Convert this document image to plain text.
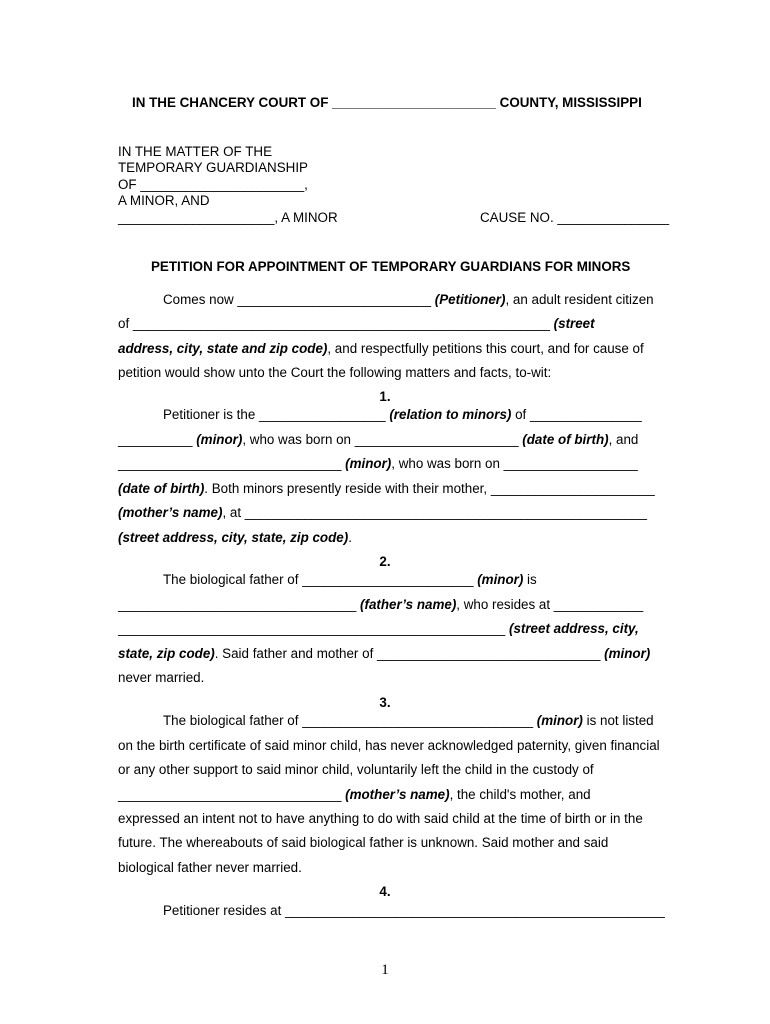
IN THE CHANCERY COURT OF ______________________ COUNTY, MISSISSIPPI
IN THE MATTER OF THE
TEMPORARY GUARDIANSHIP
OF ______________________,
A MINOR, AND
_____________________, A MINOR	CAUSE NO. _______________
PETITION FOR APPOINTMENT OF TEMPORARY GUARDIANS FOR MINORS
Comes now __________________________ (Petitioner), an adult resident citizen
of ________________________________________________________ (street
address, city, state and zip code), and respectfully petitions this court, and for cause of
petition would show unto the Court the following matters and facts, to-wit:
1.
Petitioner is the _________________ (relation to minors) of _______________
__________ (minor), who was born on ______________________ (date of birth), and
______________________________ (minor), who was born on __________________
(date of birth). Both minors presently reside with their mother, ______________________
(mother’s name), at ______________________________________________________
(street address, city, state, zip code).
2.
The biological father of _______________________ (minor) is
________________________________ (father’s name), who resides at ____________
____________________________________________________ (street address, city,
state, zip code). Said father and mother of ______________________________ (minor)
never married.
3.
The biological father of _______________________________ (minor) is not listed
on the birth certificate of said minor child, has never acknowledged paternity, given financial
or any other support to said minor child, voluntarily left the child in the custody of
______________________________ (mother’s name), the child's mother, and
expressed an intent not to have anything to do with said child at the time of birth or in the
future. The whereabouts of said biological father is unknown. Said mother and said
biological father never married.
4.
Petitioner resides at ___________________________________________________
1
